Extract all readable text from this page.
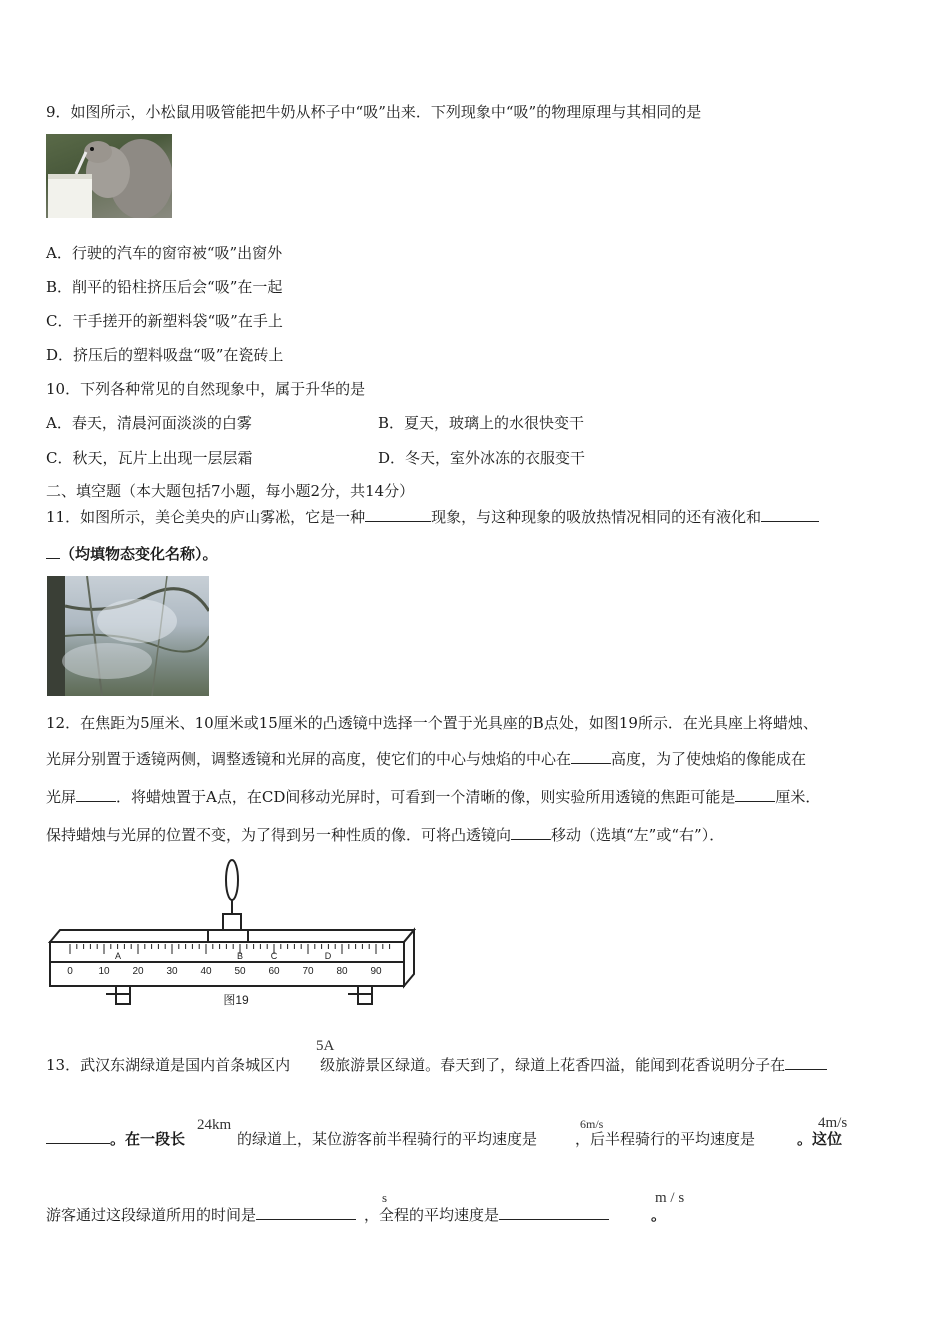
9．如图所示，小松鼠用吸管能把牛奶从杯子中“吸”出来．下列现象中“吸”的物理原理与其相同的是
A．行驶的汽车的窗帘被“吸”出窗外
B．削平的铅柱挤压后会“吸”在一起
C．干手搓开的新塑料袋“吸”在手上
D．挤压后的塑料吸盘“吸”在瓷砖上
10．下列各种常见的自然现象中，属于升华的是
A．春天，清晨河面淡淡的白雾	B．夏天，玻璃上的水很快变干
C．秋天，瓦片上出现一层层霜	D．冬天，室外冰冻的衣服变干
二、填空题（本大题包括7小题，每小题2分，共14分）
11．如图所示，美仑美央的庐山雾凇，它是一种	现象，与这种现象的吸放热情况相同的还有液化和
（均填物态变化名称）。
12．在焦距为5厘米、10厘米或15厘米的凸透镜中选择一个置于光具座的B点处，如图19所示．在光具座上将蜡烛、
光屏分别置于透镜两侧，调整透镜和光屏的高度，使它们的中心与烛焰的中心在	高度，为了使烛焰的像能成在
光屏	．将蜡烛置于A点，在CD间移动光屏时，可看到一个清晰的像，则实验所用透镜的焦距可能是	厘米．
保持蜡烛与光屏的位置不变，为了得到另一种性质的像．可将凸透镜向	移动（选填“左”或“右”）．
0	10 20 30 40 50 60 70 80 90
A	B	C	D
图19
13．武汉东湖绿道是国内首条城区内 级旅游景区绿道。春天到了，绿道上花香四溢，能闻到花香说明分子在
5A
。在一段长	的绿道上，某位游客前半程骑行的平均速度是	，后半程骑行的平均速度是	。这位
24km	6m/s	4m/s
游客通过这段绿道所用的时间是	，全程的平均速度是	。
s	m / s
